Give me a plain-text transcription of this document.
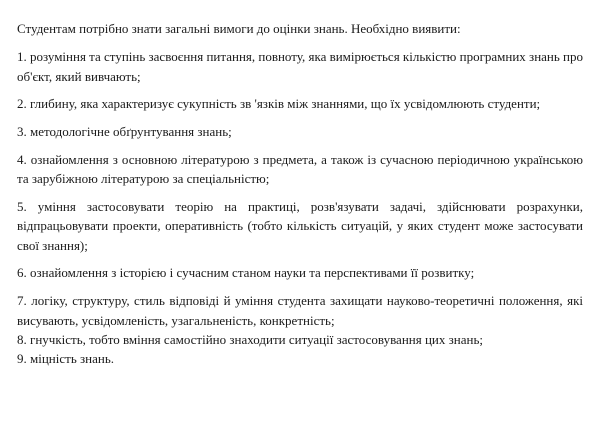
Студентам потрібно знати загальні вимоги до оцінки знань. Необхідно виявити:

1. розуміння та ступінь засвоєння питання, повноту, яка вимірюється кількістю програмних знань про об'єкт, який вивчають;

2. глибину, яка характеризує сукупність зв 'язків між знаннями, що їх усвідомлюють студенти;

3. методологічне обґрунтування знань;

4. ознайомлення з основною літературою з предмета, а також із сучасною періодичною українською та зарубіжною літературою за спеціальністю;

5. уміння застосовувати теорію на практиці, розв'язувати задачі, здійснювати розрахунки, відпрацьовувати проекти, оперативність (тобто кількість ситуацій, у яких студент може застосувати свої знання);

6. ознайомлення з історією і сучасним станом науки та перспективами її розвитку;

7. логіку, структуру, стиль відповіді й уміння студента захищати науково-теоретичні положення, які висувають, усвідомленість, узагальненість, конкретність;

8. гнучкість, тобто вміння самостійно знаходити ситуації застосовування цих знань;

9. міцність знань.
